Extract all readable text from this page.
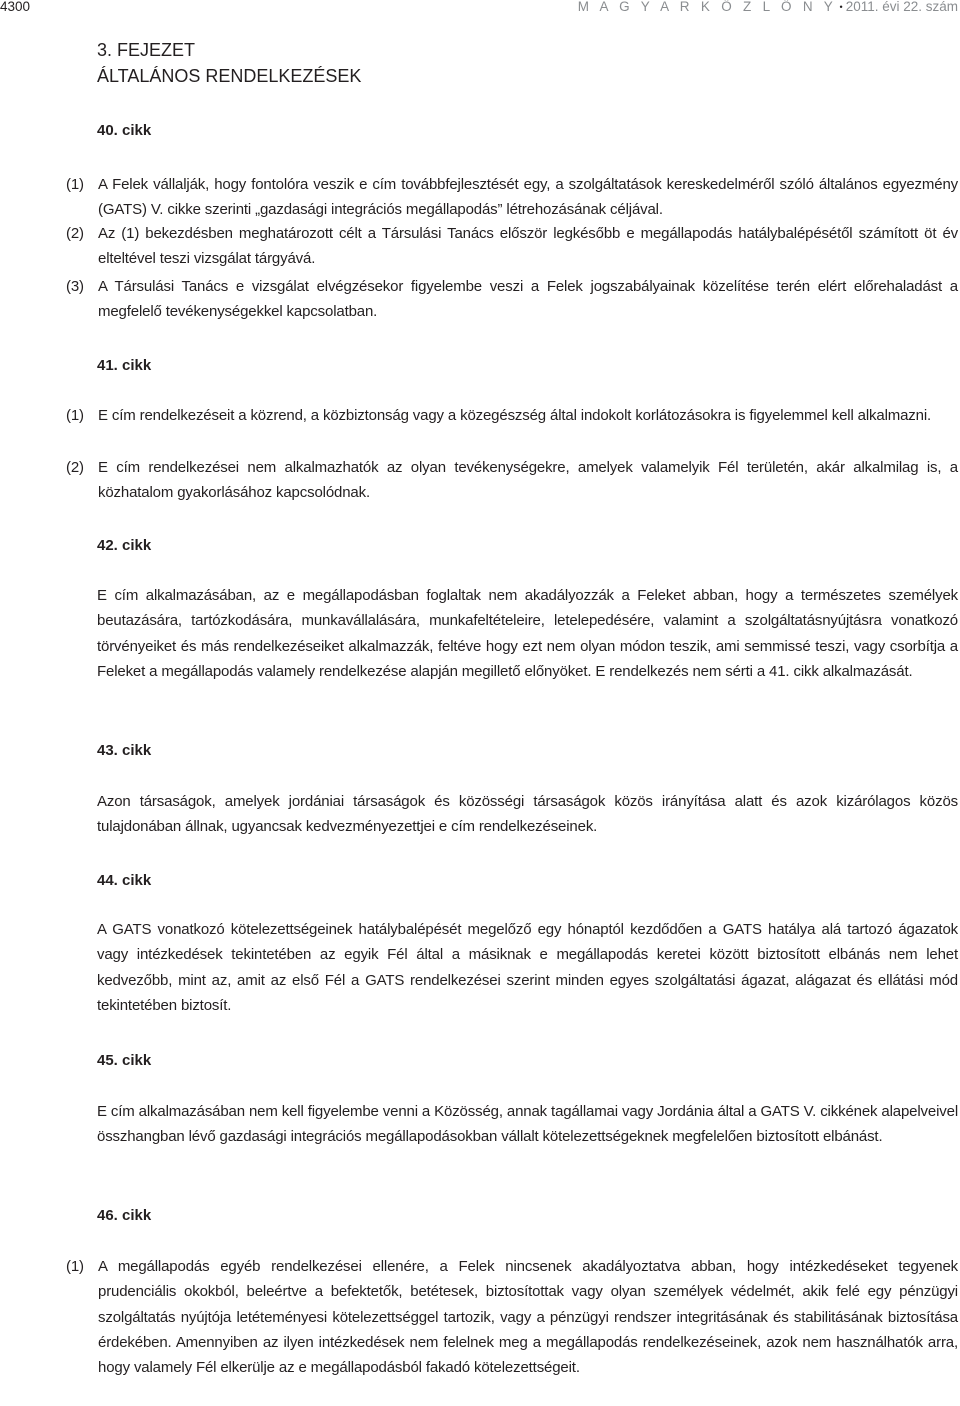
4300	M A G Y A R K Ö Z L Ö N Y • 2011. évi 22. szám
3. FEJEZET
ÁLTALÁNOS RENDELKEZÉSEK
40. cikk

(1) A Felek vállalják, hogy fontolóra veszik e cím továbbfejlesztését egy, a szolgáltatások kereskedelméről szóló általános egyezmény (GATS) V. cikke szerinti „gazdasági integrációs megállapodás” létrehozásának céljával.

(2) Az (1) bekezdésben meghatározott célt a Társulási Tanács először legkésőbb e megállapodás hatálybalépésétől számított öt év elteltével teszi vizsgálat tárgyává.

(3) A Társulási Tanács e vizsgálat elvégzésekor figyelembe veszi a Felek jogszabályainak közelítése terén elért előrehaladást a megfelelő tevékenységekkel kapcsolatban.

41. cikk

(1) E cím rendelkezéseit a közrend, a közbiztonság vagy a közegészség által indokolt korlátozásokra is figyelemmel kell alkalmazni.

(2) E cím rendelkezései nem alkalmazhatók az olyan tevékenységekre, amelyek valamelyik Fél területén, akár alkalmilag is, a közhatalom gyakorlásához kapcsolódnak.

42. cikk

E cím alkalmazásában, az e megállapodásban foglaltak nem akadályozzák a Feleket abban, hogy a természetes személyek beutazására, tartózkodására, munkavállalására, munkafeltételeire, letelepedésére, valamint a szolgáltatásnyújtásra vonatkozó törvényeiket és más rendelkezéseiket alkalmazzák, feltéve hogy ezt nem olyan módon teszik, ami semmissé teszi, vagy csorbítja a Feleket a megállapodás valamely rendelkezése alapján megillető előnyöket. E rendelkezés nem sérti a 41. cikk alkalmazását.

43. cikk

Azon társaságok, amelyek jordániai társaságok és közösségi társaságok közös irányítása alatt és azok kizárólagos közös tulajdonában állnak, ugyancsak kedvezményezettjei e cím rendelkezéseinek.

44. cikk

A GATS vonatkozó kötelezettségeinek hatálybalépését megelőző egy hónaptól kezdődően a GATS hatálya alá tartozó ágazatok vagy intézkedések tekintetében az egyik Fél által a másiknak e megállapodás keretei között biztosított elbánás nem lehet kedvezőbb, mint az, amit az első Fél a GATS rendelkezései szerint minden egyes szolgáltatási ágazat, alágazat és ellátási mód tekintetében biztosít.

45. cikk

E cím alkalmazásában nem kell figyelembe venni a Közösség, annak tagállamai vagy Jordánia által a GATS V. cikkének alapelveivel összhangban lévő gazdasági integrációs megállapodásokban vállalt kötelezettségeknek megfelelően biztosított elbánást.

46. cikk

(1) A megállapodás egyéb rendelkezései ellenére, a Felek nincsenek akadályoztatva abban, hogy intézkedéseket tegyenek prudenciális okokból, beleértve a befektetők, betétesek, biztosítottak vagy olyan személyek védelmét, akik felé egy pénzügyi szolgáltatás nyújtója letéteményesi kötelezettséggel tartozik, vagy a pénzügyi rendszer integritásának és stabilitásának biztosítása érdekében. Amennyiben az ilyen intézkedések nem felelnek meg a megállapodás rendelkezéseinek, azok nem használhatók arra, hogy valamely Fél elkerülje az e megállapodásból fakadó kötelezettségeit.
